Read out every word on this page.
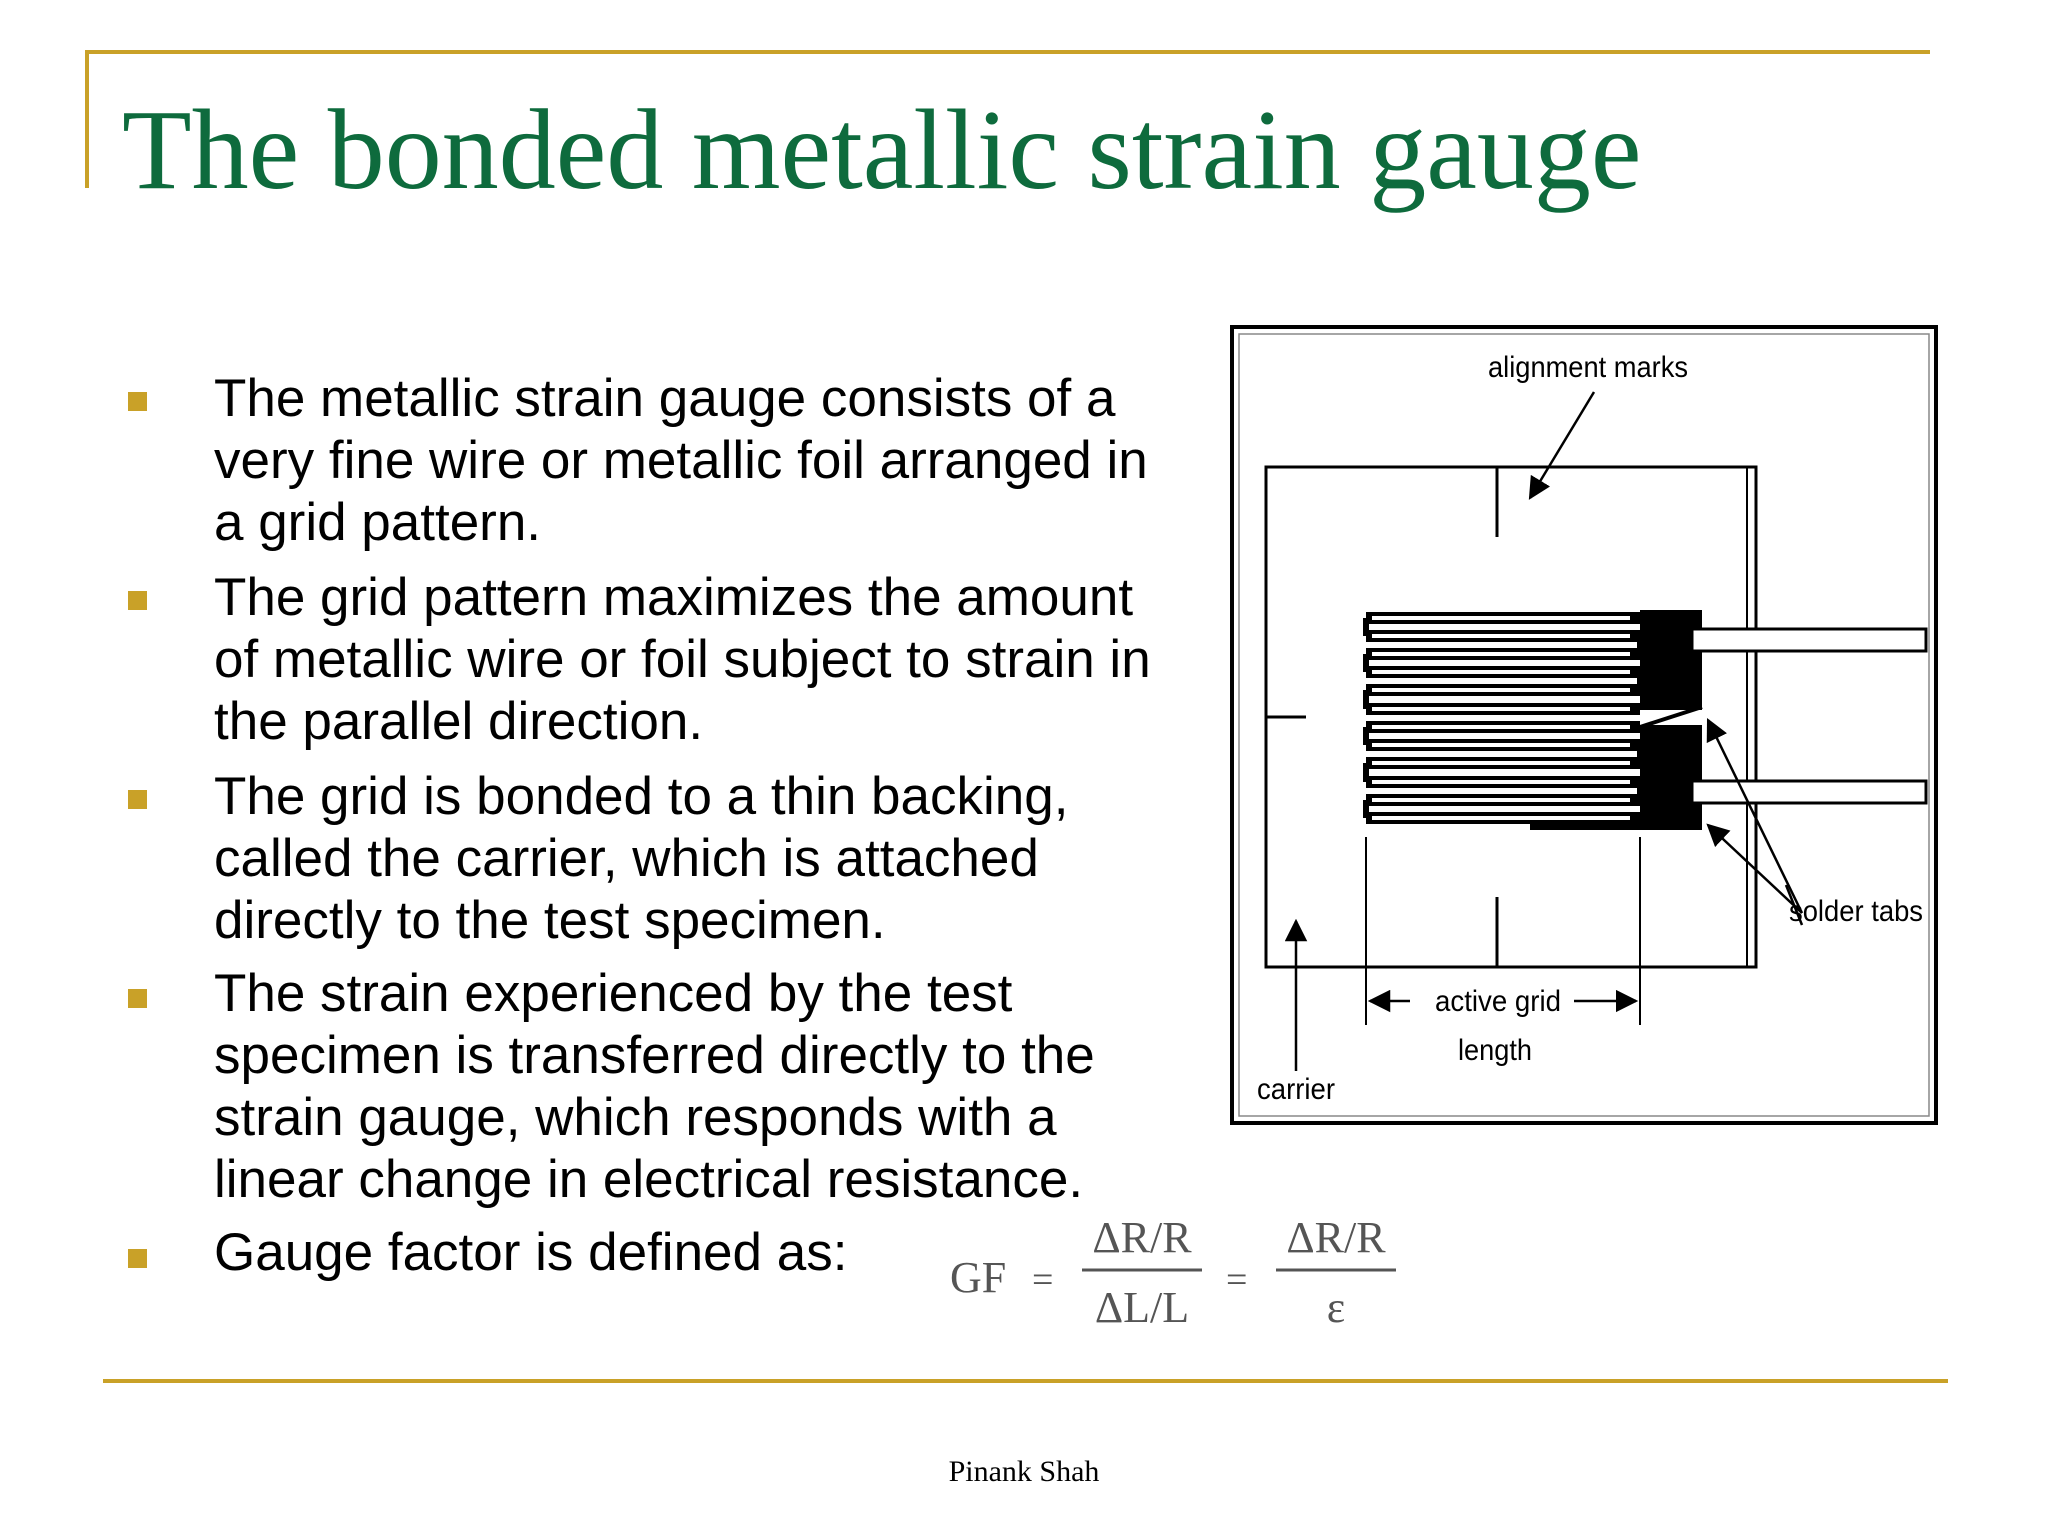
The bonded metallic strain gauge
The metallic strain gauge consists of a
very fine wire or metallic foil arranged in
a grid pattern.
The grid pattern maximizes the amount
of metallic wire or foil subject to strain in
the parallel direction.
The grid is bonded to a thin backing,
called the carrier, which is attached
directly to the test specimen.
The strain experienced by the test
specimen is transferred directly to the
strain gauge, which responds with a
linear change in electrical resistance.
Gauge factor is defined as:
alignment marks
solder tabs
active grid
length
carrier
GF =
ΔR/R
ΔL/L
=
ΔR/R
ε
Pinank Shah
